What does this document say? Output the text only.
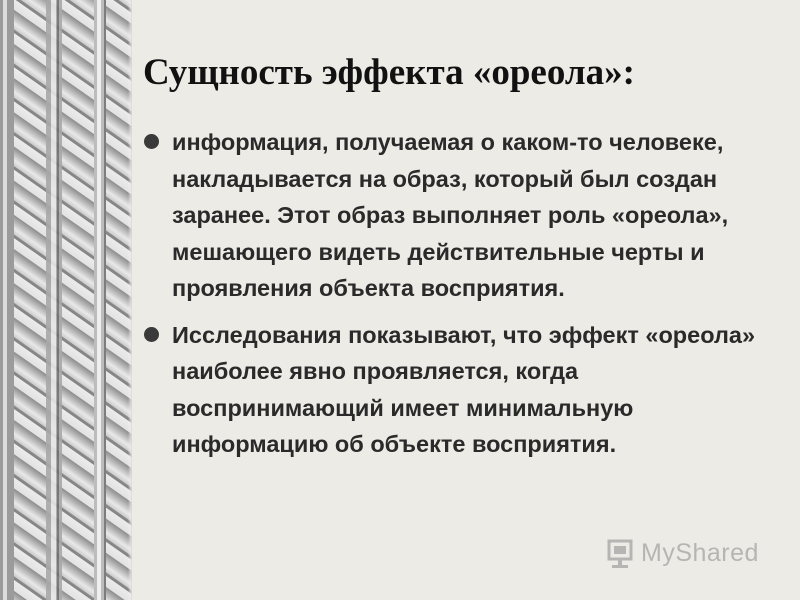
Сущность эффекта «ореола»:
информация, получаемая о каком-то человеке, накладывается на образ, который был создан заранее. Этот образ выполняет роль «ореола», мешающего видеть действительные черты и проявления объекта восприятия.
Исследования показывают, что эффект «ореола» наиболее явно проявляется, когда воспринимающий имеет минимальную информацию об объекте восприятия.
MyShared
